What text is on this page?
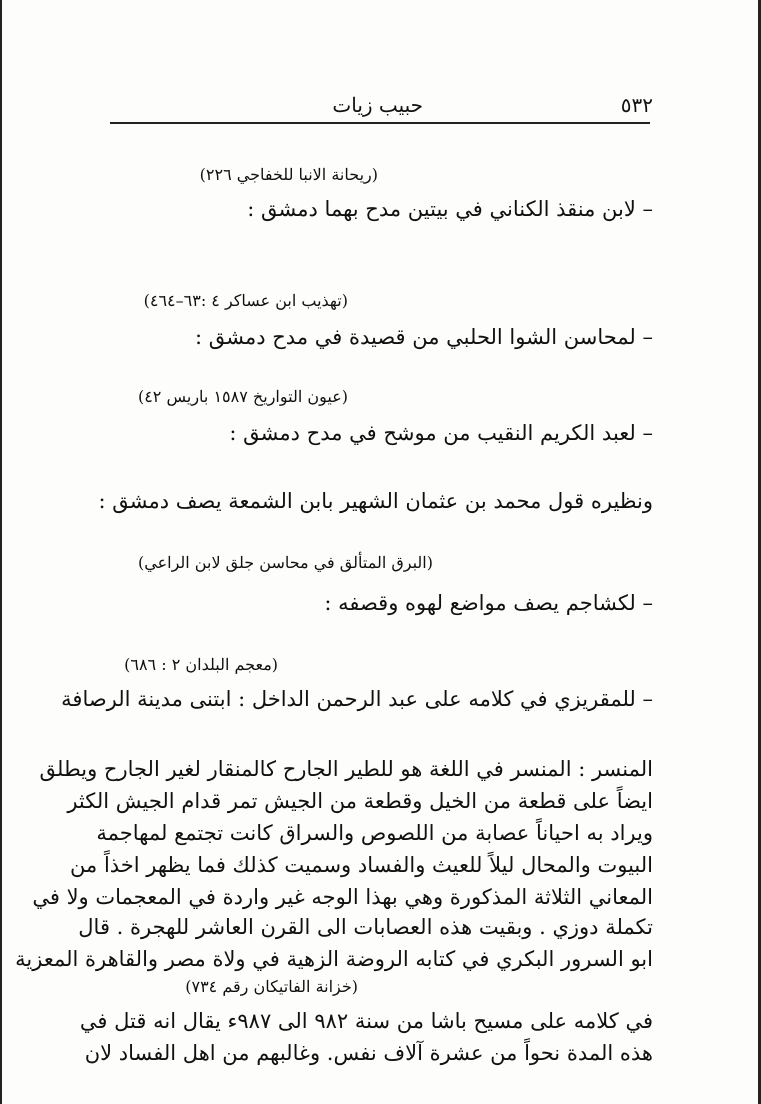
٥٣٢
حبيب زيات
(ريحانة الانبا للخفاجي ٢٢٦)
– لابن منقذ الكناني في بيتين مدح بهما دمشق :
(تهذيب ابن عساكر ٤ :٦٣–٤٦٤)
– لمحاسن الشوا الحلبي من قصيدة في مدح دمشق :
(عيون التواريخ ١٥٨٧ باريس ٤٢)
– لعبد الكريم النقيب من موشح في مدح دمشق :
ونظيره قول محمد بن عثمان الشهير بابن الشمعة يصف دمشق :
(البرق المتألق في محاسن جلق لابن الراعي)
– لكشاجم يصف مواضع لهوه وقصفه :
(معجم البلدان ٢ : ٦٨٦)
– للمقريزي في كلامه على عبد الرحمن الداخل : ابتنى مدينة الرصافة
المنسر : المنسر في اللغة هو للطير الجارح كالمنقار لغير الجارح ويطلق
ايضاً على قطعة من الخيل وقطعة من الجيش تمر قدام الجيش الكثر
ويراد به احياناً عصابة من اللصوص والسراق كانت تجتمع لمهاجمة
البيوت والمحال ليلاً للعيث والفساد وسميت كذلك فما يظهر اخذاً من
المعاني الثلاثة المذكورة وهي بهذا الوجه غير واردة في المعجمات ولا في
تكملة دوزي . وبقيت هذه العصابات الى القرن العاشر للهجرة . قال
ابو السرور البكري في كتابه الروضة الزهية في ولاة مصر والقاهرة المعزية
(خزانة الفاتيكان رقم ٧٣٤)
في كلامه على مسيح باشا من سنة ٩٨٢ الى ٩٨٧ء يقال انه قتل في
هذه المدة نحواً من عشرة آلاف نفس. وغالبهم من اهل الفساد لان
